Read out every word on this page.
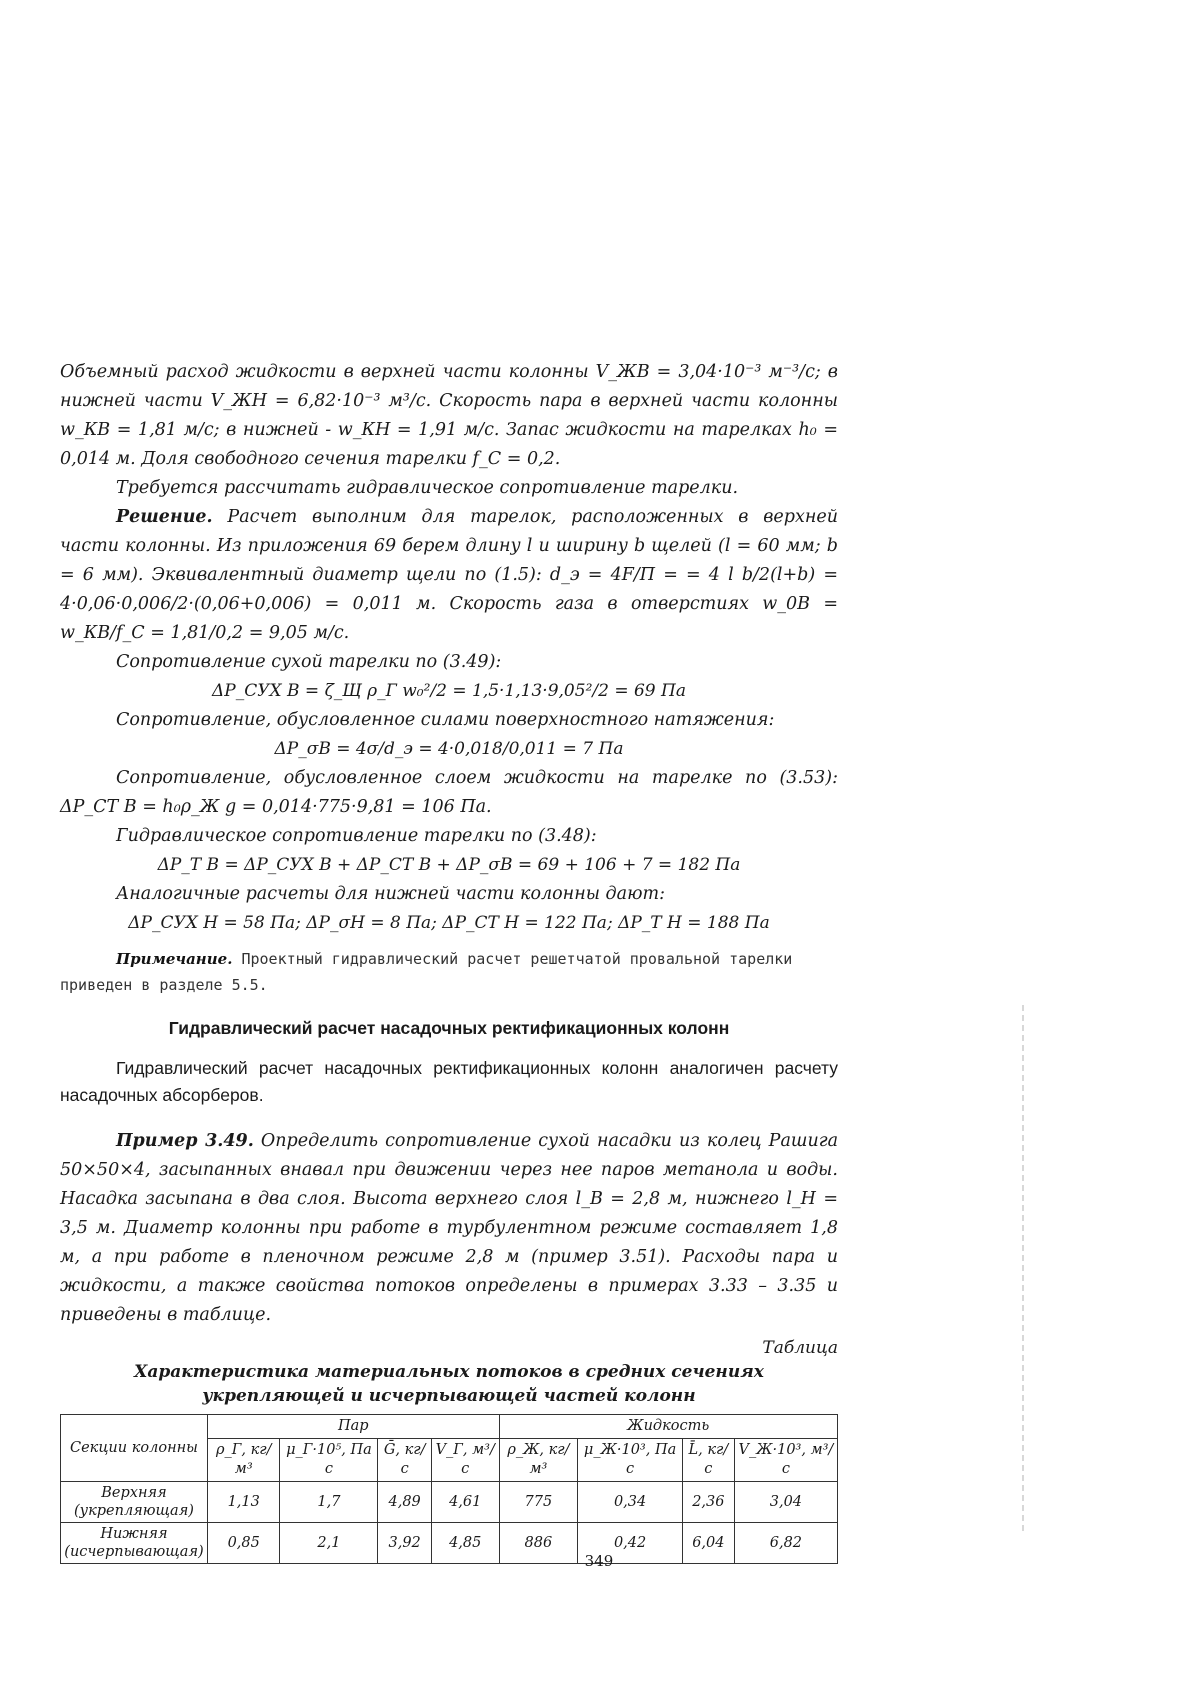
Объемный расход жидкости в верхней части колонны V_ЖВ = 3,04·10⁻³ м⁻³/с; в нижней части V_ЖН = 6,82·10⁻³ м³/с. Скорость пара в верхней части колонны w_КВ = 1,81 м/с; в нижней - w_КН = 1,91 м/с. Запас жидкости на тарелках h₀ = 0,014 м. Доля свободного сечения тарелки f_С = 0,2.

Требуется рассчитать гидравлическое сопротивление тарелки.

Решение. Расчет выполним для тарелок, расположенных в верхней части колонны. Из приложения 69 берем длину l и ширину b щелей (l = 60 мм; b = 6 мм). Эквивалентный диаметр щели по (1.5): d_э = 4F/П = = 4 l b/2(l+b) = 4·0,06·0,006/2·(0,06+0,006) = 0,011 м. Скорость газа в отверстиях w_0В = w_КВ/f_С = 1,81/0,2 = 9,05 м/с.

Сопротивление сухой тарелки по (3.49):

ΔP_СУХ В = ζ_Щ ρ_Г w₀²/2 = 1,5·1,13·9,05²/2 = 69 Па

Сопротивление, обусловленное силами поверхностного натяжения:

ΔP_σВ = 4σ/d_э = 4·0,018/0,011 = 7 Па

Сопротивление, обусловленное слоем жидкости на тарелке по (3.53): ΔP_СТ В = h₀ρ_Ж g = 0,014·775·9,81 = 106 Па.

Гидравлическое сопротивление тарелки по (3.48):

ΔP_Т В = ΔP_СУХ В + ΔP_СТ В + ΔP_σВ = 69 + 106 + 7 = 182 Па

Аналогичные расчеты для нижней части колонны дают:

ΔP_СУХ Н = 58 Па; ΔP_σН = 8 Па; ΔP_СТ Н = 122 Па; ΔP_Т Н = 188 Па

Примечание. Проектный гидравлический расчет решетчатой провальной тарелки приведен в разделе 5.5.

Гидравлический расчет насадочных ректификационных колонн

Гидравлический расчет насадочных ректификационных колонн аналогичен расчету насадочных абсорберов.

Пример 3.49. Определить сопротивление сухой насадки из колец Рашига 50×50×4, засыпанных внавал при движении через нее паров метанола и воды. Насадка засыпана в два слоя. Высота верхнего слоя l_В = 2,8 м, нижнего l_Н = 3,5 м. Диаметр колонны при работе в турбулентном режиме составляет 1,8 м, а при работе в пленочном режиме 2,8 м (пример 3.51). Расходы пара и жидкости, а также свойства потоков определены в примерах 3.33 – 3.35 и приведены в таблице.

Таблица

Характеристика материальных потоков в средних сечениях
укрепляющей и исчерпывающей частей колонн

Секции колонны	Пар				Жидкость			
	ρ_Г, кг/м³	μ_Г·10⁵, Па с	Ḡ, кг/с	V_Г, м³/с	ρ_Ж, кг/м³	μ_Ж·10³, Па с	L̄, кг/с	V_Ж·10³, м³/с
Верхняя (укрепляющая)	1,13	1,7	4,89	4,61	775	0,34	2,36	3,04
Нижняя (исчерпывающая)	0,85	2,1	3,92	4,85	886	0,42	6,04	6,82
349
